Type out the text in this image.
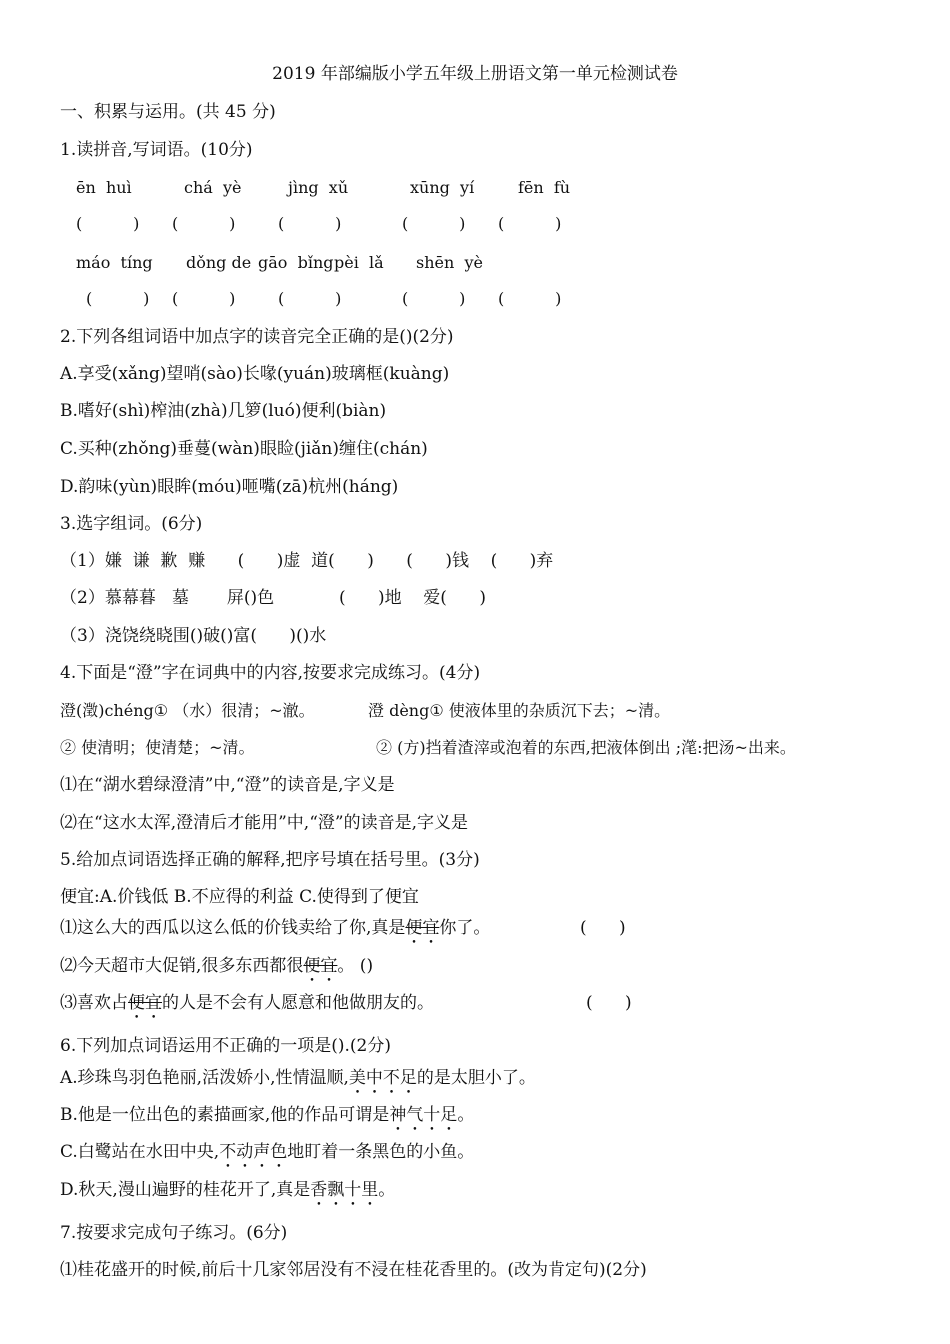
2019 年部编版小学五年级上册语文第一单元检测试卷
一、积累与运用。(共 45 分)
1.读拼音,写词语。(10分)
ēn  huì	chá  yè	jìng  xǔ	xūng  yí	fēn  fù
(          ) (          )	(          )	(          ) (          )
máo  tíng dǒng de gāo  bǐng pèi  lǎ shēn  yè
(          ) (          )	(          )	(          ) (          )
2.下列各组词语中加点字的读音完全正确的是()(2分)
A.享受(xǎng)望哨(sào)长喙(yuán)玻璃框(kuàng)
B.嗜好(shì)榨油(zhà)几箩(luó)便利(biàn)
C.买种(zhǒng)垂蔓(wàn)眼睑(jiǎn)缠住(chán)
D.韵味(yùn)眼眸(móu)咂嘴(zā)杭州(háng)
3.选字组词。(6分)
（1）嫌  谦  歉  赚      (      )虚  道(      )      (      )钱    (      )弃
（2）慕幕暮   墓       屏()色            (      )地    爱(      )
（3）浇饶绕晓围()破()富(      )()水
4.下面是“澄”字在词典中的内容,按要求完成练习。(4分)
澄(澂)chéng① （水）很清；~澈。	澄 dèng① 使液体里的杂质沉下去；~清。
② 使清明；使清楚；~清。	② (方)挡着渣滓或泡着的东西,把液体倒出 ;滗:把汤~出来。
⑴在“湖水碧绿澄清”中,“澄”的读音是,字义是
⑵在“这水太浑,澄清后才能用”中,“澄”的读音是,字义是
5.给加点词语选择正确的解释,把序号填在括号里。(3分)
便宜:A.价钱低 B.不应得的利益 C.使得到了便宜
⑴这么大的西瓜以这么低的价钱卖给了你,真是便宜你了。	(      )
⑵今天超市大促销,很多东西都很便宜。 ()
⑶喜欢占便宜的人是不会有人愿意和他做朋友的。	(      )
6.下列加点词语运用不正确的一项是().(2分)
A.珍珠鸟羽色艳丽,活泼娇小,性情温顺,美中不足的是太胆小了。
B.他是一位出色的素描画家,他的作品可谓是神气十足。
C.白鹭站在水田中央,不动声色地盯着一条黑色的小鱼。
D.秋天,漫山遍野的桂花开了,真是香飘十里。
7.按要求完成句子练习。(6分)
⑴桂花盛开的时候,前后十几家邻居没有不浸在桂花香里的。(改为肯定句)(2分)
